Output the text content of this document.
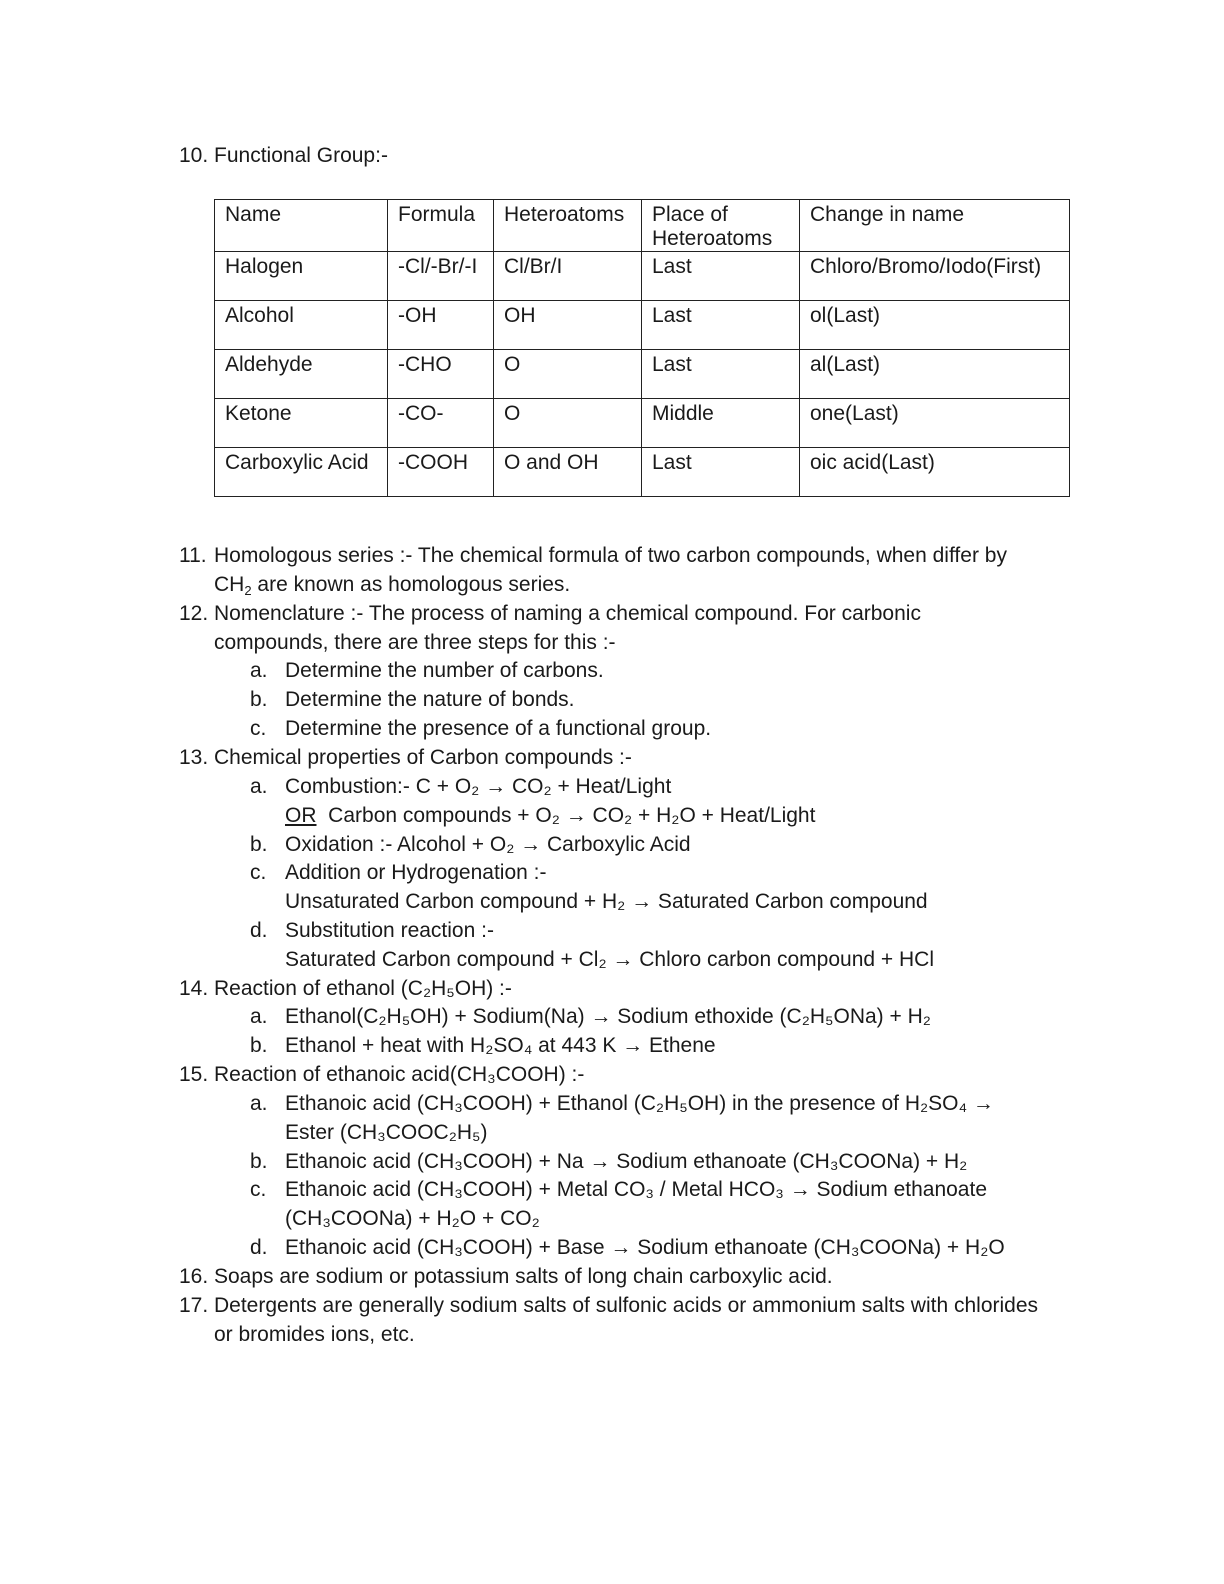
10. Functional Group:-
Name	Formula	Heteroatoms	Place of Heteroatoms	Change in name
Halogen	-Cl/-Br/-I	Cl/Br/I	Last	Chloro/Bromo/Iodo(First)
Alcohol	-OH	OH	Last	ol(Last)
Aldehyde	-CHO	O	Last	al(Last)
Ketone	-CO-	O	Middle	one(Last)
Carboxylic Acid	-COOH	O and OH	Last	oic acid(Last)
11. Homologous series :- The chemical formula of two carbon compounds, when differ by
$CH_2$ are known as homologous series.
12. Nomenclature :- The process of naming a chemical compound. For carbonic
compounds, there are three steps for this :-
a. Determine the number of carbons.
b. Determine the nature of bonds.
c. Determine the presence of a functional group.
13. Chemical properties of Carbon compounds :-
a. Combustion:- C + O₂ → CO₂ + Heat/Light
OR Carbon compounds + O₂ → CO₂ + H₂O + Heat/Light
b. Oxidation :- Alcohol + O₂ → Carboxylic Acid
c. Addition or Hydrogenation :-
Unsaturated Carbon compound + H₂ → Saturated Carbon compound
d. Substitution reaction :-
Saturated Carbon compound + Cl₂ → Chloro carbon compound + HCl
14. Reaction of ethanol (C₂H₅OH) :-
a. Ethanol(C₂H₅OH) + Sodium(Na) → Sodium ethoxide (C₂H₅ONa) + H₂
b. Ethanol + heat with H₂SO₄ at 443 K → Ethene
15. Reaction of ethanoic acid(CH₃COOH) :-
a. Ethanoic acid (CH₃COOH) + Ethanol (C₂H₅OH) in the presence of H₂SO₄ →
Ester (CH₃COOC₂H₅)
b. Ethanoic acid (CH₃COOH) + Na → Sodium ethanoate (CH₃COONa) + H₂
c. Ethanoic acid (CH₃COOH) + Metal CO₃ / Metal HCO₃ → Sodium ethanoate
(CH₃COONa) + H₂O + CO₂
d. Ethanoic acid (CH₃COOH) + Base → Sodium ethanoate (CH₃COONa) + H₂O
16. Soaps are sodium or potassium salts of long chain carboxylic acid.
17. Detergents are generally sodium salts of sulfonic acids or ammonium salts with chlorides
or bromides ions, etc.
